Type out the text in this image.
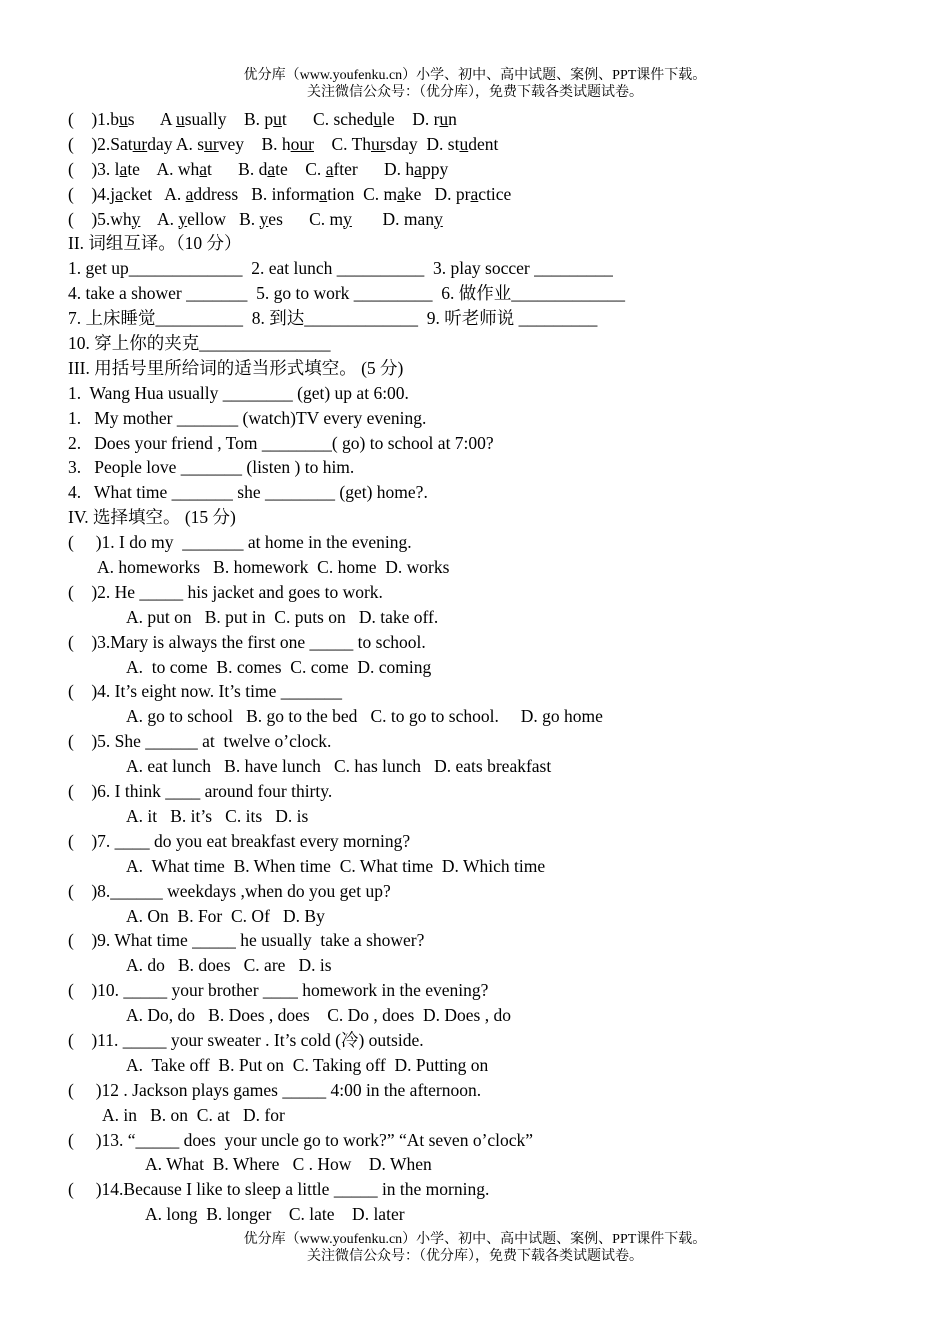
优分库（www.youfenku.cn）小学、初中、高中试题、案例、PPT课件下载。
关注微信公众号：（优分库），免费下载各类试题试卷。
(    )1.bus      A usually    B. put      C. schedule    D. run
(    )2.Saturday A. survey    B. hour    C. Thursday  D. student
(    )3. late    A. what      B. date    C. after      D. happy
(    )4.jacket   A. address   B. information  C. make   D. practice
(    )5.why    A. yellow   B. yes      C. my       D. many
II. 词组互译。（10 分）
1. get up_____________  2. eat lunch __________  3. play soccer _________
4. take a shower _______  5. go to work _________  6. 做作业_____________
7. 上床睡觉__________  8. 到达_____________  9. 听老师说 _________
10. 穿上你的夹克_______________
III. 用括号里所给词的适当形式填空。 (5 分)
1.  Wang Hua usually ________ (get) up at 6:00.
1.   My mother _______ (watch)TV every evening.
2.   Does your friend , Tom ________( go) to school at 7:00?
3.   People love _______ (listen ) to him.
4.   What time _______ she ________ (get) home?.
IV. 选择填空。 (15 分)
(     )1. I do my  _______ at home in the evening.
A. homeworks   B. homework  C. home  D. works
(    )2. He _____ his jacket and goes to work.
A. put on   B. put in  C. puts on   D. take off.
(    )3.Mary is always the first one _____ to school.
A.  to come  B. comes  C. come  D. coming
(    )4. It’s eight now. It’s time _______
A. go to school   B. go to the bed   C. to go to school.     D. go home
(    )5. She ______ at  twelve o’clock.
A. eat lunch   B. have lunch   C. has lunch   D. eats breakfast
(    )6. I think ____ around four thirty.
A. it   B. it’s   C. its   D. is
(    )7. ____ do you eat breakfast every morning?
A.  What time  B. When time  C. What time  D. Which time
(    )8.______ weekdays ,when do you get up?
A. On  B. For  C. Of   D. By
(    )9. What time _____ he usually  take a shower?
A. do   B. does   C. are   D. is
(    )10. _____ your brother ____ homework in the evening?
A. Do, do   B. Does , does    C. Do , does  D. Does , do
(    )11. _____ your sweater . It’s cold (冷) outside.
A.  Take off  B. Put on  C. Taking off  D. Putting on
(     )12 . Jackson plays games _____ 4:00 in the afternoon.
A. in   B. on  C. at   D. for
(     )13. “_____ does  your uncle go to work?” “At seven o’clock”
A. What  B. Where   C . How    D. When
(     )14.Because I like to sleep a little _____ in the morning.
A. long  B. longer    C. late    D. later
优分库（www.youfenku.cn）小学、初中、高中试题、案例、PPT课件下载。
关注微信公众号：（优分库），免费下载各类试题试卷。
